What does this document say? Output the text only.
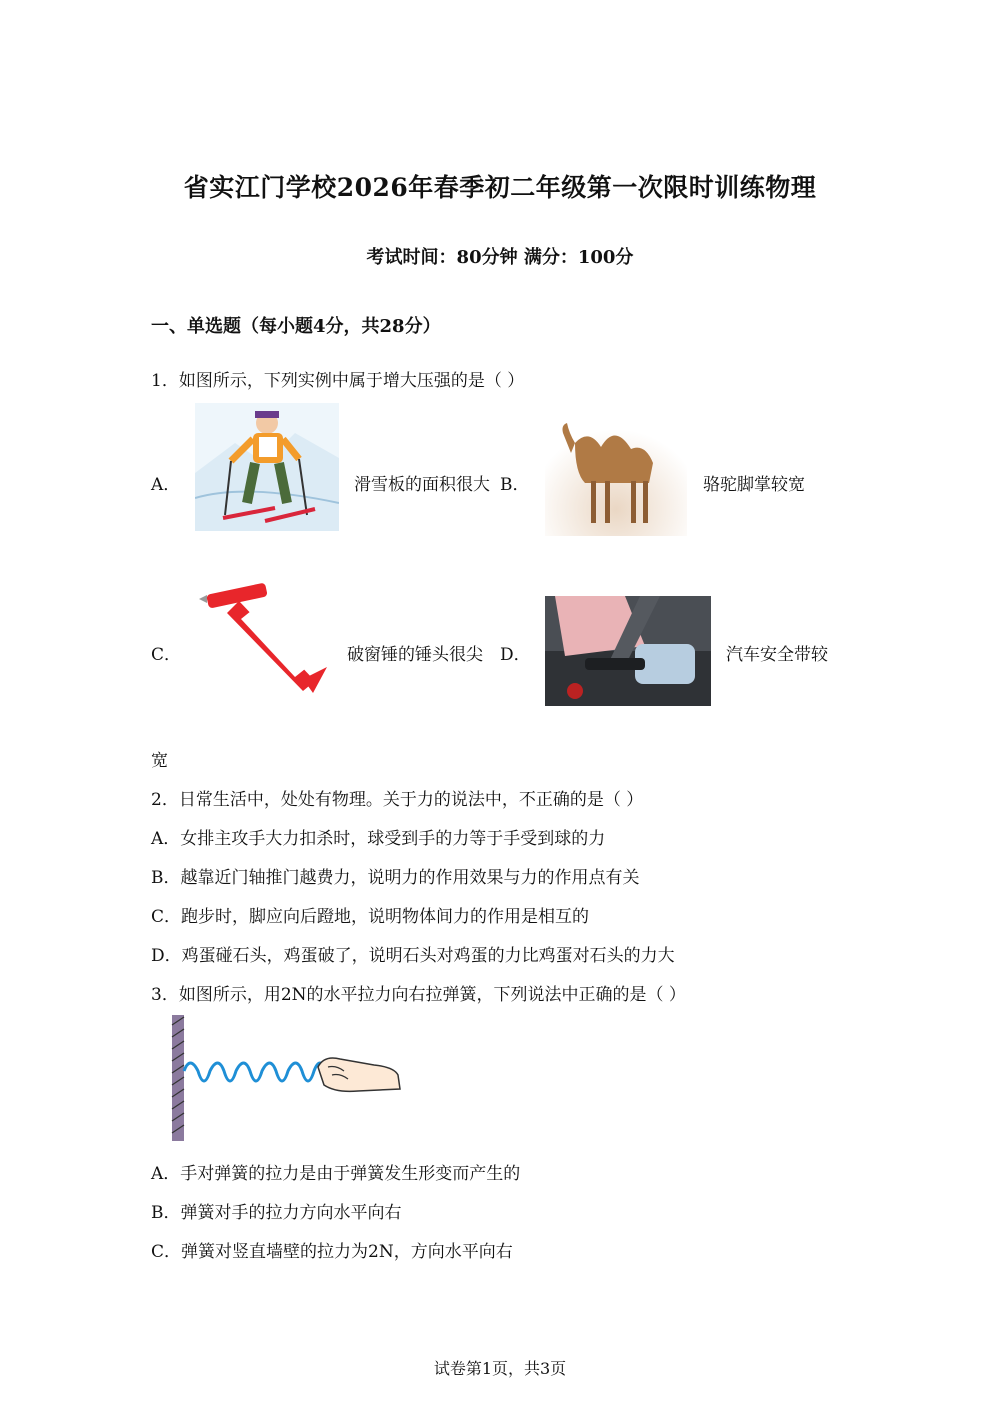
省实江门学校2026年春季初二年级第一次限时训练物理
考试时间：80分钟 满分：100分
一、单选题（每小题4分，共28分）
1．如图所示，下列实例中属于增大压强的是（ ）
A．	滑雪板的面积很大 B．	骆驼脚掌较宽
C．	破窗锤的锤头很尖 D．	汽车安全带较
宽
2．日常生活中，处处有物理。关于力的说法中，不正确的是（ ）
A．女排主攻手大力扣杀时，球受到手的力等于手受到球的力
B．越靠近门轴推门越费力，说明力的作用效果与力的作用点有关
C．跑步时，脚应向后蹬地，说明物体间力的作用是相互的
D．鸡蛋碰石头，鸡蛋破了，说明石头对鸡蛋的力比鸡蛋对石头的力大
3．如图所示，用2N的水平拉力向右拉弹簧，下列说法中正确的是（ ）
A．手对弹簧的拉力是由于弹簧发生形变而产生的
B．弹簧对手的拉力方向水平向右
C．弹簧对竖直墙壁的拉力为2N，方向水平向右
试卷第1页，共3页
